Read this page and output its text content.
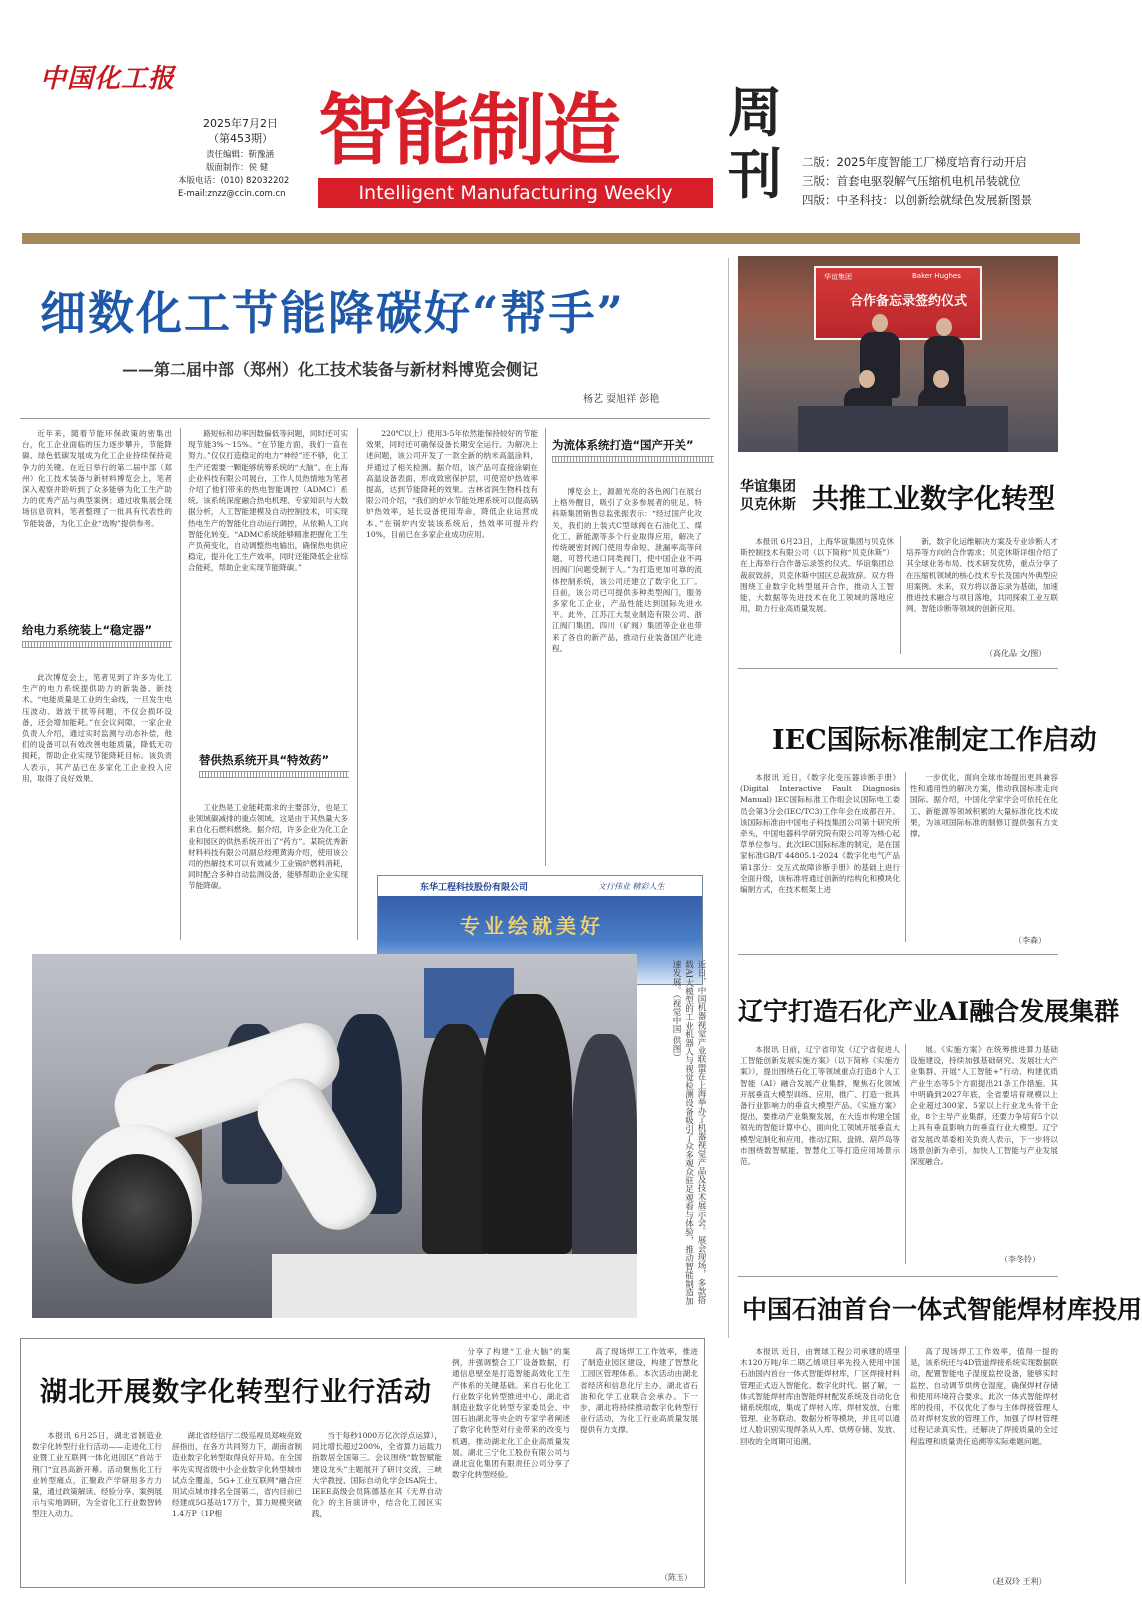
中国化工报
2025年7月2日
（第453期）
责任编辑：靳豫涵
版面制作：侯 健
本版电话：(010) 82032202
E-mail:znzz@ccin.com.cn
智能制造 周刊
Intelligent Manufacturing Weekly
二版：2025年度智能工厂梯度培育行动开启
三版：首套电驱裂解气压缩机电机吊装就位
四版：中圣科技：以创新绘就绿色发展新图景
细数化工节能降碳好“帮手”
——第二届中部（郑州）化工技术装备与新材料博览会侧记
杨艺 耍旭祥 彭艳

近年来，随着节能环保政策的密集出台，化工企业面临的压力逐步攀升，节能降碳、绿色低碳发展成为化工企业持续保持竞争力的关键。在近日举行的第二届中部（郑州）化工技术装备与新材料博览会上，笔者深入观察并聆听到了众多能够为化工生产助力的优秀产品与典型案例；通过收集展会现场信息资料，笔者整理了一批具有代表性的节能装备，为化工企业“选购”提供参考。

给电力系统装上“稳定器”

此次博览会上，笔者见到了许多为化工生产的电力系统提供助力的新装备、新技术。“电能质量是工业的生命线，一旦发生电压波动、谐波干扰等问题，不仅会损坏设备，还会增加能耗。”在会议间隙，一家企业负责人介绍，通过实时监测与动态补偿，他们的设备可以有效改善电能质量，降低无功损耗，帮助企业实现节能降耗目标。该负责人表示，其产品已在多家化工企业投入应用，取得了良好效果。

路短标和功率因数偏低等问题，同时还可实现节能3%～15%。“在节能方面，我们一直在努力。”仅仅打造稳定的电力“神经”还不够，化工生产还需要一颗能够统筹系统的“大脑”。在上海企业科技有限公司展台，工作人员热情地为笔者介绍了他们带来的热电智能调控（ADMC）系统。该系统深度融合热电机理、专家知识与大数据分析，人工智能建模及自动控制技术，可实现热电生产的智能化自动运行调控，从依赖人工向智能化转变。“ADMC系统能够精准把握化工生产负荷变化，自动调整热电输出，确保热电供应稳定，提升化工生产效率，同时还能降低企业综合能耗，帮助企业实现节能降碳。”

替供热系统开具“特效药”

工业热是工业能耗需求的主要部分，也是工业领域碳减排的重点领域。这是由于其热量大多来自化石燃料燃烧。据介绍，许多企业为化工企业和园区的供热系统开出了“药方”。某院优秀新材料科技有限公司副总经理黄海介绍，使用该公司的热解技术可以有效减少工业锅炉燃料消耗，同时配合多种自动监测设备，能够帮助企业实现节能降碳。

220℃以上）使用3-5年依然能保持较好的节能效果，同时还可确保设备长期安全运行。为解决上述问题，该公司开发了一款全新的纳米高温涂料，并通过了相关检测。据介绍，该产品可直接涂刷在高温设备表面，形成致密保护层，可使窑炉热效率提高，达到节能降耗的效果。吉林省润生物科技有限公司介绍，“我们的炉水节能处理系统可以提高锅炉热效率，延长设备使用寿命，降低企业运营成本。”在锅炉内安装该系统后，热效率可提升约10%，目前已在多家企业成功应用。

为流体系统打造“国产开关”

博览会上，源源光亮的各色阀门在展台上格外醒目，吸引了众多参展者的驻足。特科斯集团销售总监张振表示：“经过国产化攻关，我们的上装式C型球阀在石油化工、煤化工、新能源等多个行业取得应用，解决了传统硬密封阀门使用寿命短、泄漏率高等问题，可替代进口同类阀门，使中国企业不再因阀门问题受制于人。”为打造更加可靠的流体控制系统，该公司还建立了数字化工厂。目前，该公司已可提供多种类型阀门，服务多家化工企业，产品性能达到国际先进水平。此外，江苏江大泵业制造有限公司、浙江阀门集团、四川（矿阀）集团等企业也带来了各自的新产品，推动行业装备国产化进程。

东华工程科技股份有限公司	文行伟业 精彩人生
专业绘就美好
华谊集团	Baker Hughes
合作备忘录签约仪式
华谊集团 贝克休斯 共推工业数字化转型

本报讯 6月23日，上海华谊集团与贝克休斯控制技术有限公司（以下简称“贝克休斯”）在上海举行合作备忘录签约仪式。华谊集团总裁叙致辞，贝克休斯中国区总裁致辞。双方将围绕工业数字化转型展开合作，推动人工智能、大数据等先进技术在化工领域的落地应用，助力行业高质量发展。

新，数字化运维解决方案及专业诊断人才培养等方向的合作需求；贝克休斯详细介绍了其全球业务布局、技术研发优势，重点分享了在压缩机领域的核心技术专长及国内外典型应用案例。未来，双方将以备忘录为基础，加速推进技术融合与项目落地，共同探索工业互联网、智能诊断等领域的创新应用。

（高化品 文/图）
IEC国际标准制定工作启动

本报讯 近日，《数字化变压器诊断手册》(Digital Interactive Fault Diagnosis Manual) IEC国际标准工作组会议国际电工委员会第3分会(IEC/TC3)工作年会在成都召开。该国际标准由中国电子科技集团公司第十研究所牵头，中国电器科学研究院有限公司等为核心起草单位参与。此次IEC国际标准的制定，是在国家标准GB/T 44805.1-2024《数字化电气产品 第1部分：交互式故障诊断手册》的基础上进行全面升级，该标准将通过创新的结构化和模块化编制方式，在技术框架上进

一步优化，面向全球市场提出更具兼容性和通用性的解决方案，推动我国标准走向国际。据介绍，中国化学家学会可依托在化工、新能源等领域积累的大量标准化技术成果，为该项国际标准的制修订提供强有力支撑。

（李森）
辽宁打造石化产业AI融合发展集群

本报讯 日前，辽宁省印发《辽宁省促进人工智能创新发展实施方案》（以下简称《实施方案》），提出围绕石化工等领域重点打造8个人工智能（AI）融合发展产业集群，聚焦石化领域开展垂直大模型训练、应用，推广、打造一批具备行业影响力的垂直大模型产品。《实施方案》提出，要推动产业集聚发展，在大连市构建全国领先的智能计算中心，面向化工领域开展垂直大模型定制化和应用，推动辽阳、盘锦、葫芦岛等市围绕数智赋能、智慧化工等打造应用场景示范。

展。《实施方案》在统筹推进算力基础设施建设，持续加强基础研究、发展壮大产业集群、开展“人工智能+”行动、构建优质产业生态等5个方面提出21条工作措施。其中明确到2027年底，全省要培育规模以上企业超过300家、5家以上行业龙头骨干企业，8个主导产业集群，还要力争培育5个以上具有垂直影响力的垂直行业大模型。辽宁省发展改革委相关负责人表示，下一步将以场景创新为牵引，加快人工智能与产业发展深度融合。

（李冬铃）
中国石油首台一体式智能焊材库投用

本报讯 近日，由寰球工程公司承建的塔里木120万吨/年二期乙烯项目率先投入使用中国石油国内首台一体式智能焊材库，厂区焊接材料管理正式迈入智能化、数字化时代。据了解，一体式智能焊材库由智能焊材配发系统及自动化仓储系统组成，集成了焊材入库、焊材发放、台账管理、业务联动、数据分析等模块，并且可以通过人脸识别实现焊条从入库、烘烤存储、发放、回收的全周期可追溯。

高了现场焊工工作效率，值得一提的是，该系统还与4D管道焊接系统实现数据联动，配置智能电子湿度监控设备，能够实时监控、自动调节烘烤仓湿度，确保焊材存储和使用环境符合要求。此次一体式智能焊材库的投用，不仅优化了参与主体焊接管理人员对焊材发放的管理工作，加强了焊材管理过程记录真实性，还解决了焊接质量的全过程监理和质量责任追溯等实际难题问题。

（赵双玲 王利）
近日，中国机器视觉产业联盟在上海举办了机器视觉产品及技术展示会。展会现场，多款搭载AI大模型的工业机器人与视觉检测设备吸引了众多观众驻足观看与体验，推动智能制造加速发展。（视觉中国 供图）
湖北开展数字化转型行业行活动

本报讯 6月25日，湖北省制造业数字化转型行业行活动——走进化工行业暨工业互联网一体化进园区”首站于荆门“宜昌高新开幕。活动聚焦化工行业转型痛点，汇聚政产学研用多方力量，通过政策解读、经验分享、案例展示与实地调研，为全省化工行业数智转型注入动力。

湖北省经信厅二级巡视员郑峻亮致辞指出，在各方共同努力下，湖南省制造业数字化转型取得良好开局。在全国率先实现省级中小企业数字化转型城市试点全覆盖，5G+工业互联网“融合应用试点城市排名全国第二，省内目前已经建成5G基站17万个，算力规模突破1.4万P（1P相

当于每秒1000万亿次浮点运算），同比增长超过200%，全省算力运载力指数居全国第三。会议围绕“数智赋能 建设龙头”主题展开了研讨交流，三峡大学教授、国际自动化学会ISA院士、IEEE高级会员陈德基在其《无界自动化》的主旨演讲中，结合化工园区实践，

分享了构建“工业大脑”的案例，并强调整合工厂设备数据，打通信息壁垒是打造智能高效化工生产体系的关键基础。来自石化化工行业数字化转型推进中心、湖北省制造业数字化转型专家委员会、中国石油湖北等央企的专家学者阐述了数字化转型对行业带来的改变与机遇，推动湖北化工企业高质量发展。湖北三宁化工股份有限公司与湖北宜化集团有限责任公司分享了数字化转型经验。

高了现场焊工工作效率，推进了制造业园区建设，构建了智慧化工园区管理体系。本次活动由湖北省经济和信息化厅主办，湖北省石油和化学工业联合会承办。下一步，湖北将持续推动数字化转型行业行活动，为化工行业高质量发展提供有力支撑。

（陈玉）
